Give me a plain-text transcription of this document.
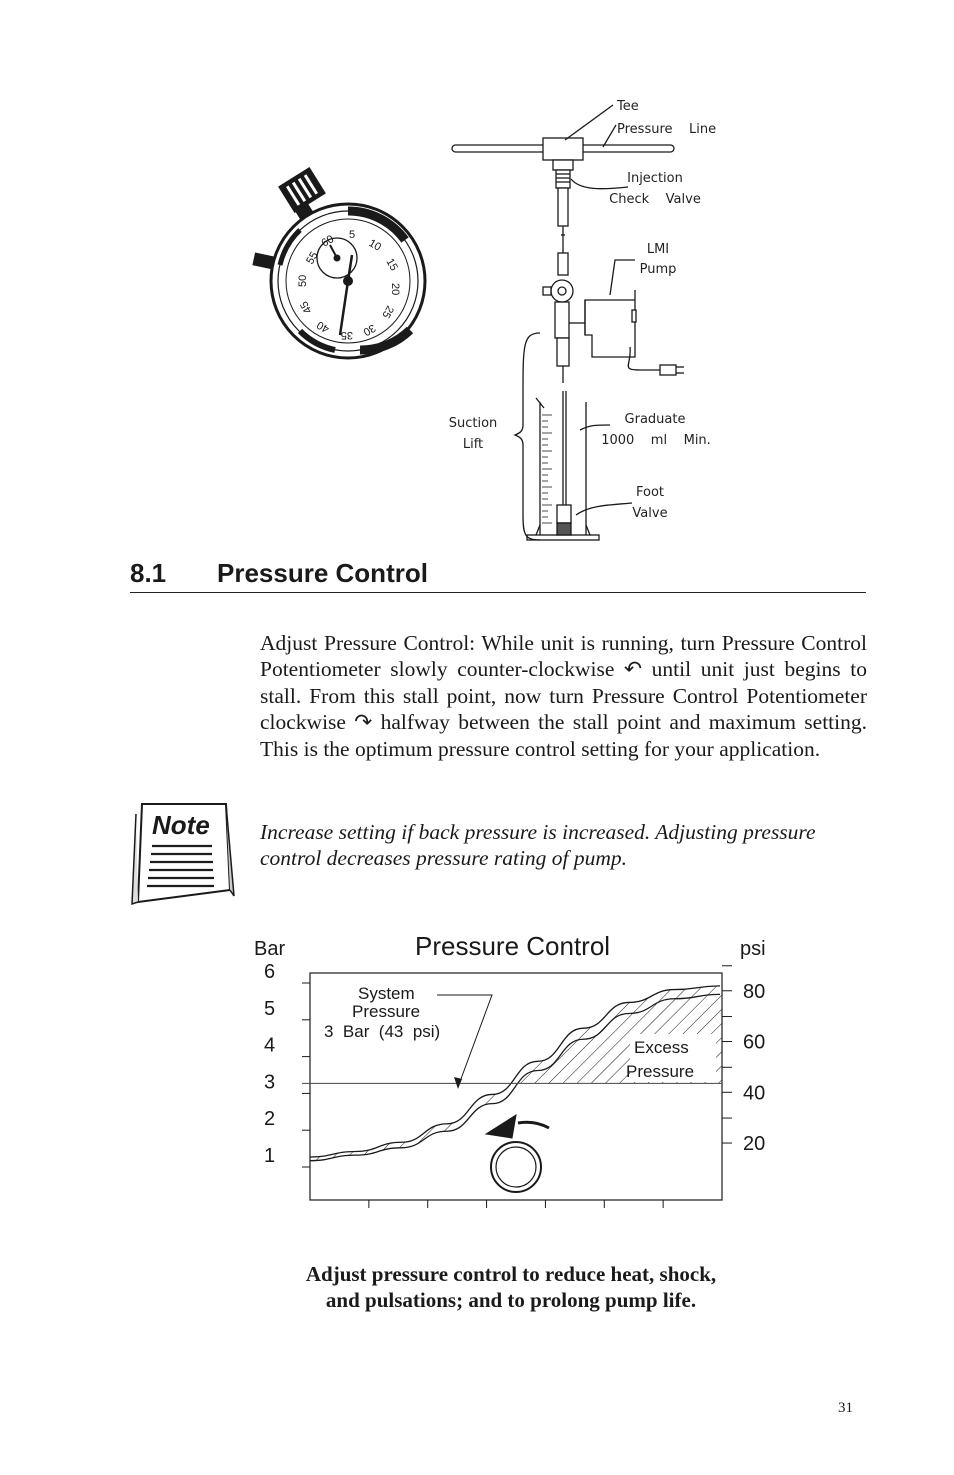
5
10
15
20
25
30
35
40
45
50
55
60
Tee
Pressure    Line
Injection
Check    Valve
LMI
Pump
Suction
Lift
Graduate
1000    ml    Min.
Foot
Valve
8.1 Pressure Control
Adjust Pressure Control: While unit is running, turn Pressure Control Potentiometer slowly counter-clockwise ↶ until unit just begins to stall. From this stall point, now turn Pressure Control Potentiometer clockwise ↷ halfway between the stall point and maximum setting. This is the optimum pressure control setting for your application.
Note Increase setting if back pressure is increased. Adjusting pressure control decreases pressure rating of pump.
Pressure Control
Bar	psi
6
5
4
3
2
1
80
60
40
20
System
Pressure
3  Bar  (43  psi)
Excess
Pressure
Adjust pressure control to reduce heat, shock,
and pulsations; and to prolong pump life.
31
